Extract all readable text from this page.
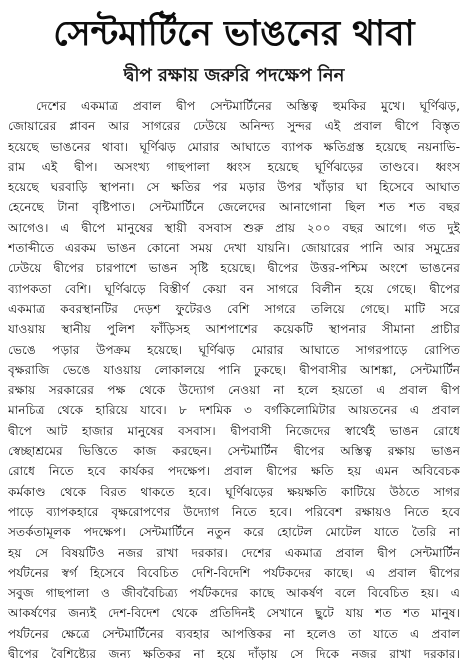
সেন্টমার্টিনে ভাঙনের থাবা
দ্বীপ রক্ষায় জরুরি পদক্ষেপ নিন
দেশের একমাত্র প্রবাল দ্বীপ সেন্টমার্টিনের অস্তিত্ব হুমকির মুখে। ঘূর্ণিঝড়,
জোয়ারের প্লাবন আর সাগরের ঢেউয়ে অনিন্দ্য সুন্দর এই প্রবাল দ্বীপে বিস্তৃত
হয়েছে ভাঙনের থাবা। ঘূর্ণিঝড় মোরার আঘাতে ব্যাপক ক্ষতিগ্রস্ত হয়েছে নয়নাভি-
রাম এই দ্বীপ। অসংখ্য গাছপালা ধ্বংস হয়েছে ঘূর্ণিঝড়ের তাণ্ডবে। ধ্বংস
হয়েছে ঘরবাড়ি স্থাপনা। সে ক্ষতির পর মড়ার উপর খাঁড়ার ঘা হিসেবে আঘাত
হেনেছে টানা বৃষ্টিপাত। সেন্টমার্টিনে জেলেদের আনাগোনা ছিল শত শত বছর
আগেও। এ দ্বীপে মানুষের স্থায়ী বসবাস শুরু প্রায় ২০০ বছর আগে। গত দুই
শতাব্দীতে এরকম ভাঙন কোনো সময় দেখা যায়নি। জোয়ারের পানি আর সমুদ্রের
ঢেউয়ে দ্বীপের চারপাশে ভাঙন সৃষ্টি হয়েছে। দ্বীপের উত্তর-পশ্চিম অংশে ভাঙনের
ব্যাপকতা বেশি। ঘূর্ণিঝড়ে বিস্তীর্ণ কেয়া বন সাগরে বিলীন হয়ে গেছে। দ্বীপের
একমাত্র কবরস্থানটির দেড়শ ফুটেরও বেশি সাগরে তলিয়ে গেছে। মাটি সরে
যাওয়ায় স্থানীয় পুলিশ ফাঁড়িসহ আশপাশের কয়েকটি স্থাপনার সীমানা প্রাচীর
ভেঙে পড়ার উপক্রম হয়েছে। ঘূর্ণিঝড় মোরার আঘাতে সাগরপাড়ে রোপিত
বৃক্ষরাজি ভেঙে যাওয়ায় লোকালয়ে পানি ঢুকছে। দ্বীপবাসীর আশঙ্কা, সেন্টমার্টিন
রক্ষায় সরকারের পক্ষ থেকে উদ্যোগ নেওয়া না হলে হয়তো এ প্রবাল দ্বীপ
মানচিত্র থেকে হারিয়ে যাবে। ৮ দশমিক ৩ বর্গকিলোমিটার আয়তনের এ প্রবাল
দ্বীপে আট হাজার মানুষের বসবাস। দ্বীপবাসী নিজেদের স্বার্থেই ভাঙন রোধে
স্বেচ্ছাশ্রমের ভিত্তিতে কাজ করছেন। সেন্টমার্টিন দ্বীপের অস্তিত্ব রক্ষায় ভাঙন
রোধে নিতে হবে কার্যকর পদক্ষেপ। প্রবাল দ্বীপের ক্ষতি হয় এমন অবিবেচক
কর্মকাণ্ড থেকে বিরত থাকতে হবে। ঘূর্ণিঝড়ের ক্ষয়ক্ষতি কাটিয়ে উঠতে সাগর
পাড়ে ব্যাপকহারে বৃক্ষরোপণের উদ্যোগ নিতে হবে। পরিবেশ রক্ষায়ও নিতে হবে
সতর্কতামূলক পদক্ষেপ। সেন্টমার্টিনে নতুন করে হোটেল মোটেল যাতে তৈরি না
হয় সে বিষয়টিও নজর রাখা দরকার। দেশের একমাত্র প্রবাল দ্বীপ সেন্টমার্টিন
পর্যটনের স্বর্গ হিসেবে বিবেচিত দেশি-বিদেশি পর্যটকদের কাছে। এ প্রবাল দ্বীপের
সবুজ গাছপালা ও জীববৈচিত্র্য পর্যটকদের কাছে আকর্ষণ বলে বিবেচিত হয়। এ
আকর্ষণের জন্যই দেশ-বিদেশ থেকে প্রতিদিনই সেখানে ছুটে যায় শত শত মানুষ।
পর্যটনের ক্ষেত্রে সেন্টমার্টিনের ব্যবহার আপত্তিকর না হলেও তা যাতে এ প্রবাল
দ্বীপের বৈশিষ্ট্যের জন্য ক্ষতিকর না হয়ে দাঁড়ায় সে দিকে নজর রাখা দরকার।
